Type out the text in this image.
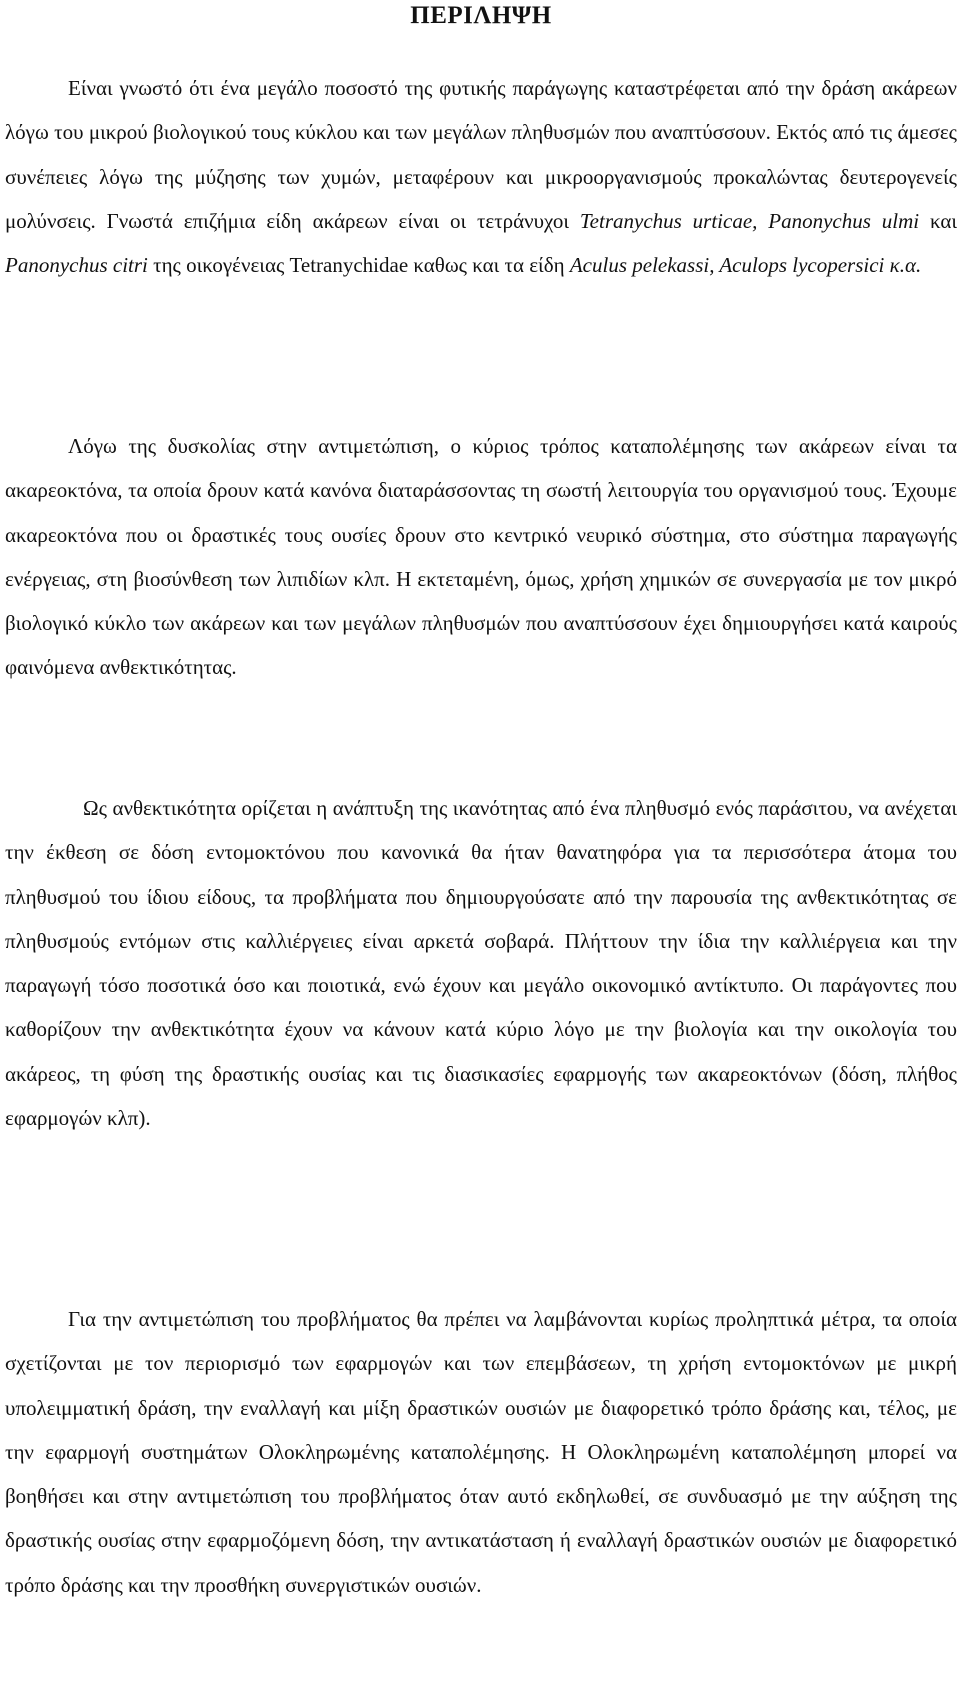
ΠΕΡΙΛΗΨΗ

Είναι γνωστό ότι ένα μεγάλο ποσοστό της φυτικής παράγωγης καταστρέφεται από την δράση ακάρεων λόγω του μικρού βιολογικού τους κύκλου και των μεγάλων πληθυσμών που αναπτύσσουν. Εκτός από τις άμεσες συνέπειες λόγω της μύζησης των χυμών, μεταφέρουν και μικροοργανισμούς προκαλώντας δευτερογενείς μολύνσεις. Γνωστά επιζήμια είδη ακάρεων είναι οι τετράνυχοι Tetranychus urticae, Panonychus ulmi και Panonychus citri της οικογένειας Tetranychidae καθως και τα είδη Aculus pelekassi, Aculops lycopersici κ.α.

Λόγω της δυσκολίας στην αντιμετώπιση, ο κύριος τρόπος καταπολέμησης των ακάρεων είναι τα ακαρεοκτόνα, τα οποία δρουν κατά κανόνα διαταράσσοντας τη σωστή λειτουργία του οργανισμού τους. Έχουμε ακαρεοκτόνα που οι δραστικές τους ουσίες δρουν στο κεντρικό νευρικό σύστημα, στο σύστημα παραγωγής ενέργειας, στη βιοσύνθεση των λιπιδίων κλπ. Η εκτεταμένη, όμως, χρήση χημικών σε συνεργασία με τον μικρό βιολογικό κύκλο των ακάρεων και των μεγάλων πληθυσμών που αναπτύσσουν έχει δημιουργήσει κατά καιρούς φαινόμενα ανθεκτικότητας.

Ως ανθεκτικότητα ορίζεται η ανάπτυξη της ικανότητας από ένα πληθυσμό ενός παράσιτου, να ανέχεται την έκθεση σε δόση εντομοκτόνου που κανονικά θα ήταν θανατηφόρα για τα περισσότερα άτομα του πληθυσμού του ίδιου είδους, τα προβλήματα που δημιουργούσατε από την παρουσία της ανθεκτικότητας σε πληθυσμούς εντόμων στις καλλιέργειες είναι αρκετά σοβαρά. Πλήττουν την ίδια την καλλιέργεια και την παραγωγή τόσο ποσοτικά όσο και ποιοτικά, ενώ έχουν και μεγάλο οικονομικό αντίκτυπο. Οι παράγοντες που καθορίζουν την ανθεκτικότητα έχουν να κάνουν κατά κύριο λόγο με την βιολογία και την οικολογία του ακάρεος, τη φύση της δραστικής ουσίας και τις διασικασίες εφαρμογής των ακαρεοκτόνων (δόση, πλήθος εφαρμογών κλπ).

Για την αντιμετώπιση του προβλήματος θα πρέπει να λαμβάνονται κυρίως προληπτικά μέτρα, τα οποία σχετίζονται με τον περιορισμό των εφαρμογών και των επεμβάσεων, τη χρήση εντομοκτόνων με μικρή υπολειμματική δράση, την εναλλαγή και μίξη δραστικών ουσιών με διαφορετικό τρόπο δράσης και, τέλος, με την εφαρμογή συστημάτων Ολοκληρωμένης καταπολέμησης. Η Ολοκληρωμένη καταπολέμηση μπορεί να βοηθήσει και στην αντιμετώπιση του προβλήματος όταν αυτό εκδηλωθεί, σε συνδυασμό με την αύξηση της δραστικής ουσίας στην εφαρμοζόμενη δόση, την αντικατάσταση ή εναλλαγή δραστικών ουσιών με διαφορετικό τρόπο δράσης και την προσθήκη συνεργιστικών ουσιών.
